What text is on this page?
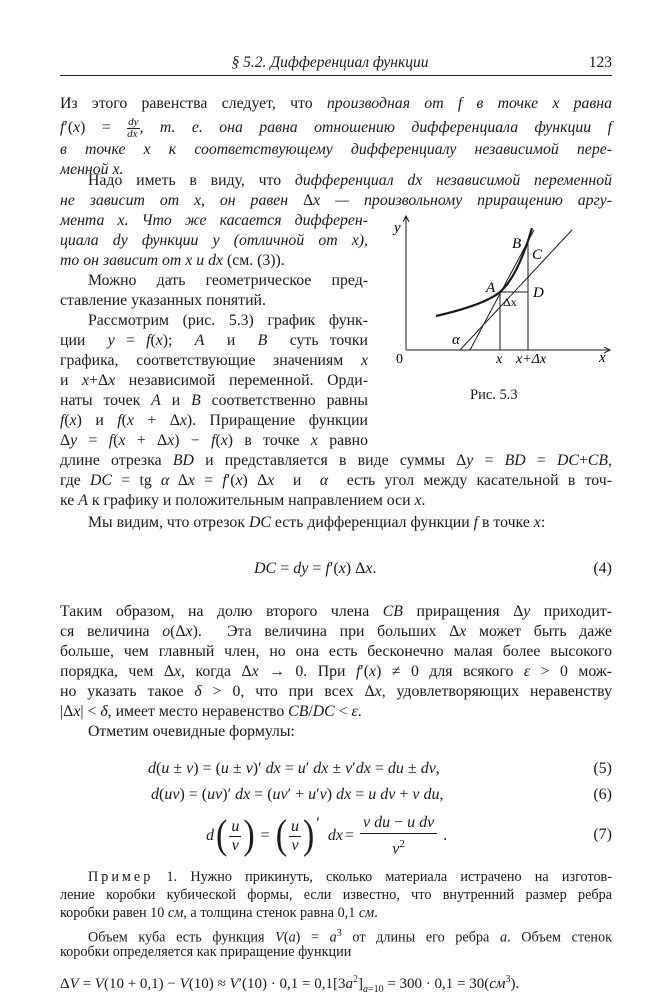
§ 5.2. Дифференциал функции	123
Из этого равенства следует, что производная от f в точке x равна
$f'(x) = \frac{dy}{dx}$ , т. е. она равна отношению дифференциала функции f
в точке x к соответствующему дифференциалу независимой пере-
менной x.
Надо иметь в виду, что дифференциал dx независимой переменной
не зависит от x, он равен Δx — произвольному приращению аргу-
мента x. Что же касается дифферен-
циала dy функции y (отличной от x),
то он зависит от x и dx (см. (3)).
Можно дать геометрическое пред-
ставление указанных понятий.
Рассмотрим (рис. 5.3) график функ-
ции  y = f(x);  A  и  B  суть точки
графика, соответствующие значениям x
и x+Δx независимой переменной. Орди-
наты точек A и B соответственно равны
f(x) и f(x + Δx). Приращение функции
Δy = f(x + Δx) − f(x) в точке x равно
длине отрезка BD и представляется в виде суммы Δy = BD = DC+CB,
где DC = tg α Δx = f′(x) Δx  и  α  есть угол между касательной в точ-
ке A к графику и положительным направлением оси x.
Мы видим, что отрезок DC есть дифференциал функции f в точке x:
DC = dy = f′(x) Δx.	(4)
Таким образом, на долю второго члена CB приращения Δy приходит-
ся величина o(Δx).  Эта величина при больших Δx может быть даже
больше, чем главный член, но она есть бесконечно малая более высокого
порядка, чем Δx, когда Δx → 0. При f′(x) ≠ 0 для всякого ε > 0 мож-
но указать такое δ > 0, что при всех Δx, удовлетворяющих неравенству
|Δx| < δ, имеет место неравенство CB/DC < ε.
Отметим очевидные формулы:
d(u ± v) = (u ± v)′ dx = u′ dx ± v′dx = du ± dv,	(5)
d(uv) = (uv)′ dx = (uv′ + u′v) dx = u dv + v du,	(6)
d ( u
v ) = ( u
v ) ′

dx =
v du − u dv
$v^2$	.	(7)
Пример 1. Нужно прикинуть, сколько материала истрачено на изготов-
ление коробки кубической формы, если известно, что внутренний размер ребра
коробки равен 10 см, а толщина стенок равна 0,1 см.
Объем куба есть функция $V(a) = a^3$ от длины его ребра a. Объем стенок
коробки определяется как приращение функции
$\Delta V = V(10 + 0,1) - V(10) \approx V'(10) \cdot 0,1 = 0,1[3a^2]_{a=10} = 300 \cdot 0,1 = 30(см^3)$.
y
x
0	x x+Δx
A
B
C
D
Δx
α
Рис. 5.3
